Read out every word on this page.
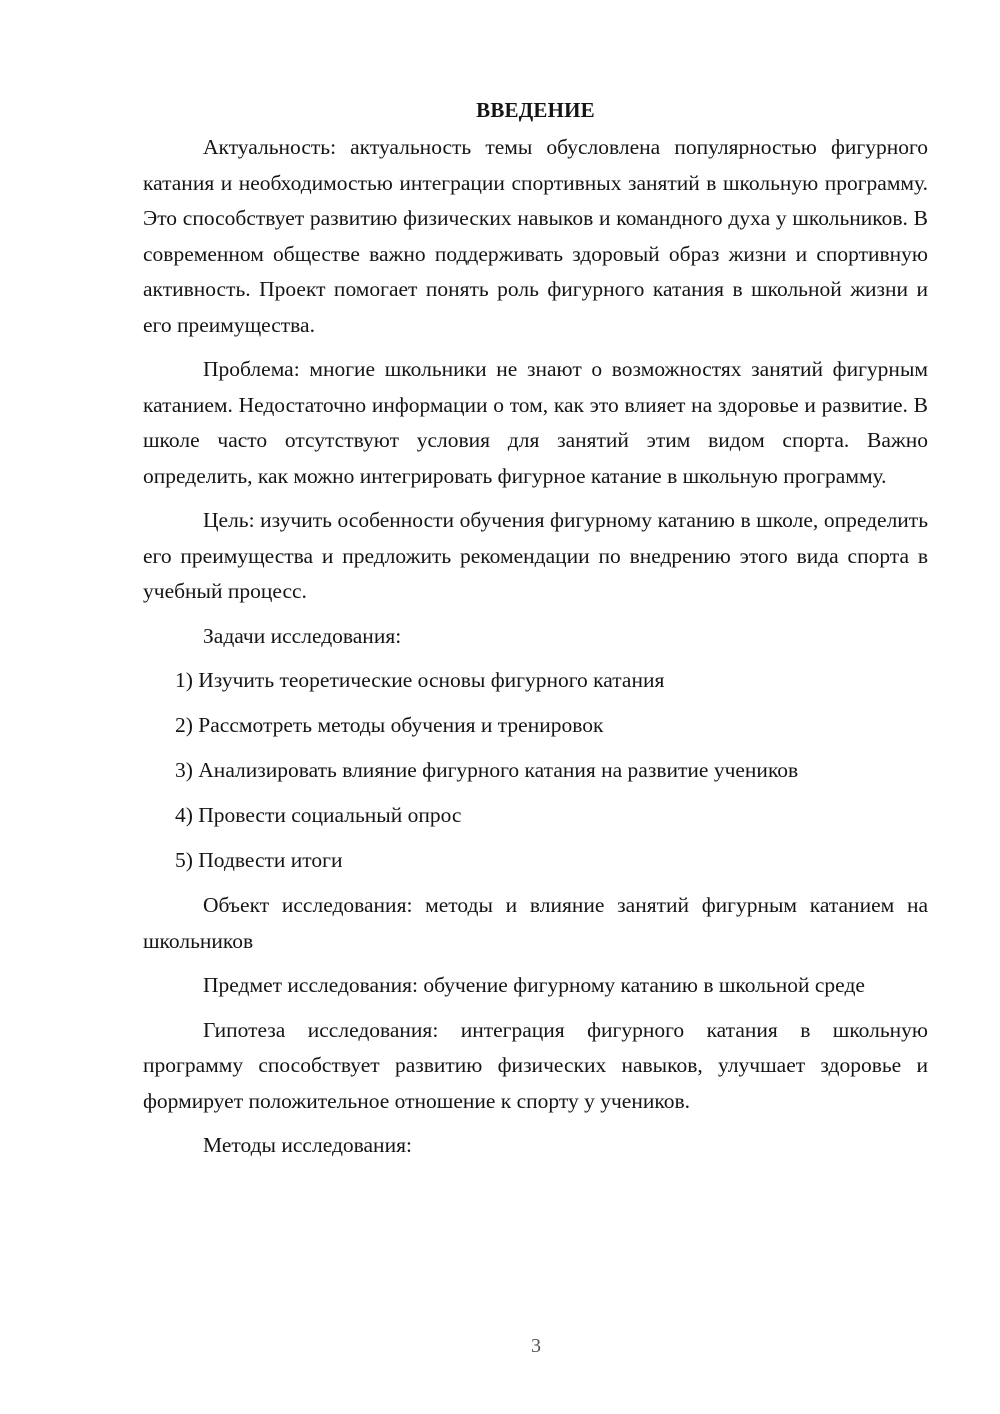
ВВЕДЕНИЕ

Актуальность: актуальность темы обусловлена популярностью фигурного катания и необходимостью интеграции спортивных занятий в школьную программу. Это способствует развитию физических навыков и командного духа у школьников. В современном обществе важно поддерживать здоровый образ жизни и спортивную активность. Проект помогает понять роль фигурного катания в школьной жизни и его преимущества.

Проблема: многие школьники не знают о возможностях занятий фигурным катанием. Недостаточно информации о том, как это влияет на здоровье и развитие. В школе часто отсутствуют условия для занятий этим видом спорта. Важно определить, как можно интегрировать фигурное катание в школьную программу.

Цель: изучить особенности обучения фигурному катанию в школе, определить его преимущества и предложить рекомендации по внедрению этого вида спорта в учебный процесс.

Задачи исследования:

1) Изучить теоретические основы фигурного катания
2) Рассмотреть методы обучения и тренировок
3) Анализировать влияние фигурного катания на развитие учеников
4) Провести социальный опрос
5) Подвести итоги

Объект исследования: методы и влияние занятий фигурным катанием на школьников

Предмет исследования: обучение фигурному катанию в школьной среде

Гипотеза исследования: интеграция фигурного катания в школьную программу способствует развитию физических навыков, улучшает здоровье и формирует положительное отношение к спорту у учеников.

Методы исследования:

3
